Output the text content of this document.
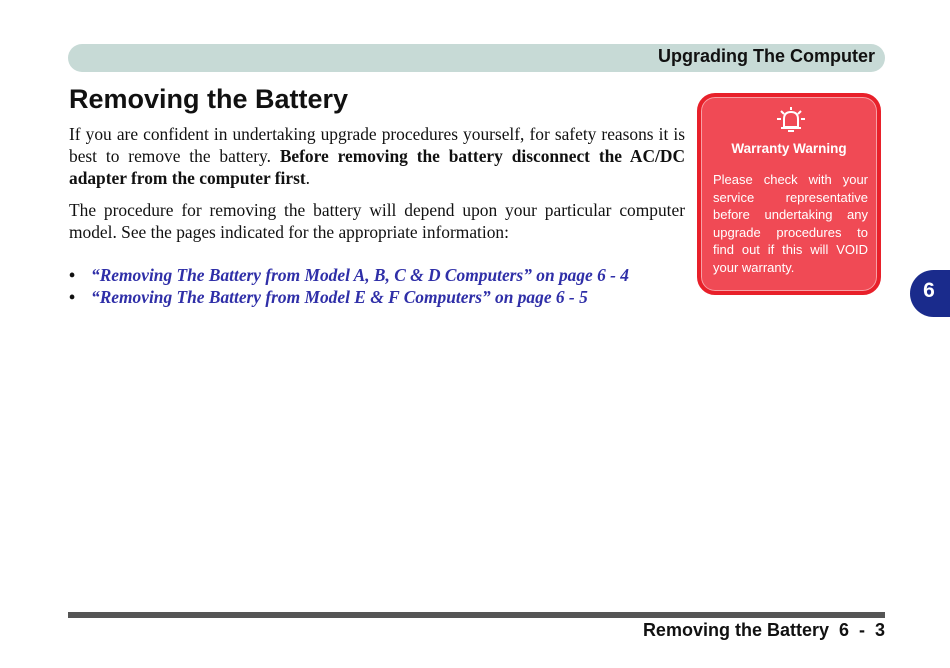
Upgrading The Computer
Removing the Battery

If you are confident in undertaking upgrade procedures yourself, for safety reasons it is best to remove the battery. Before removing the battery disconnect the AC/DC adapter from the computer first.

The procedure for removing the battery will depend upon your particular computer model. See the pages indicated for the appropriate information:

• “Removing The Battery from Model A, B, C & D Computers” on page 6 - 4
• “Removing The Battery from Model E & F Computers” on page 6 - 5
Warranty Warning

Please check with your service representative before undertaking any upgrade procedures to find out if this will VOID your warranty.

6
Removing the Battery  6  -  3
